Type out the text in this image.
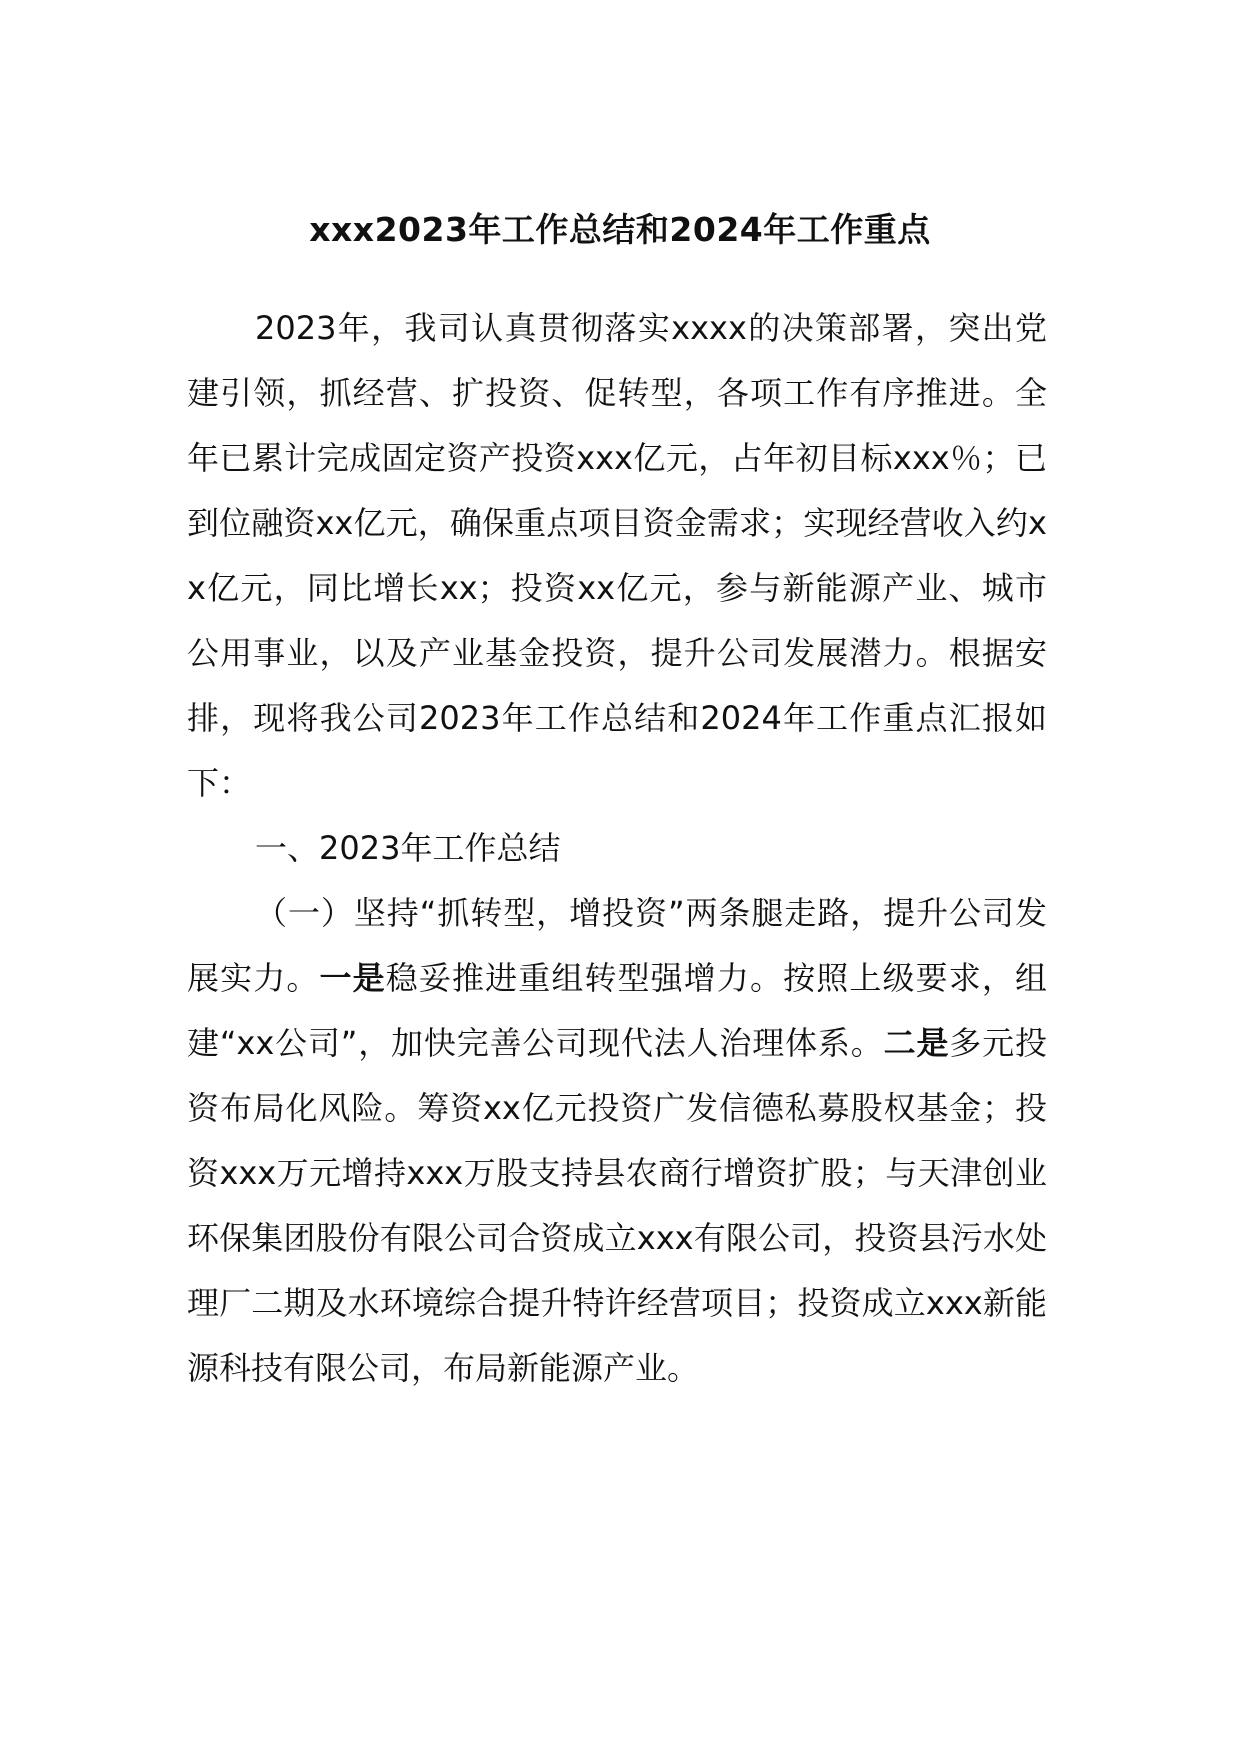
xxx2023年工作总结和2024年工作重点

2023年，我司认真贯彻落实xxxx的决策部署，突出党建引领，抓经营、扩投资、促转型，各项工作有序推进。全年已累计完成固定资产投资xxx亿元，占年初目标xxx％；已到位融资xx亿元，确保重点项目资金需求；实现经营收入约xx亿元，同比增长xx；投资xx亿元，参与新能源产业、城市公用事业，以及产业基金投资，提升公司发展潜力。根据安排，现将我公司2023年工作总结和2024年工作重点汇报如下：

一、2023年工作总结

（一）坚持“抓转型，增投资”两条腿走路，提升公司发展实力。一是稳妥推进重组转型强增力。按照上级要求，组建“xx公司”，加快完善公司现代法人治理体系。二是多元投资布局化风险。筹资xx亿元投资广发信德私募股权基金；投资xxx万元增持xxx万股支持县农商行增资扩股；与天津创业环保集团股份有限公司合资成立xxx有限公司，投资县污水处理厂二期及水环境综合提升特许经营项目；投资成立xxx新能源科技有限公司，布局新能源产业。
